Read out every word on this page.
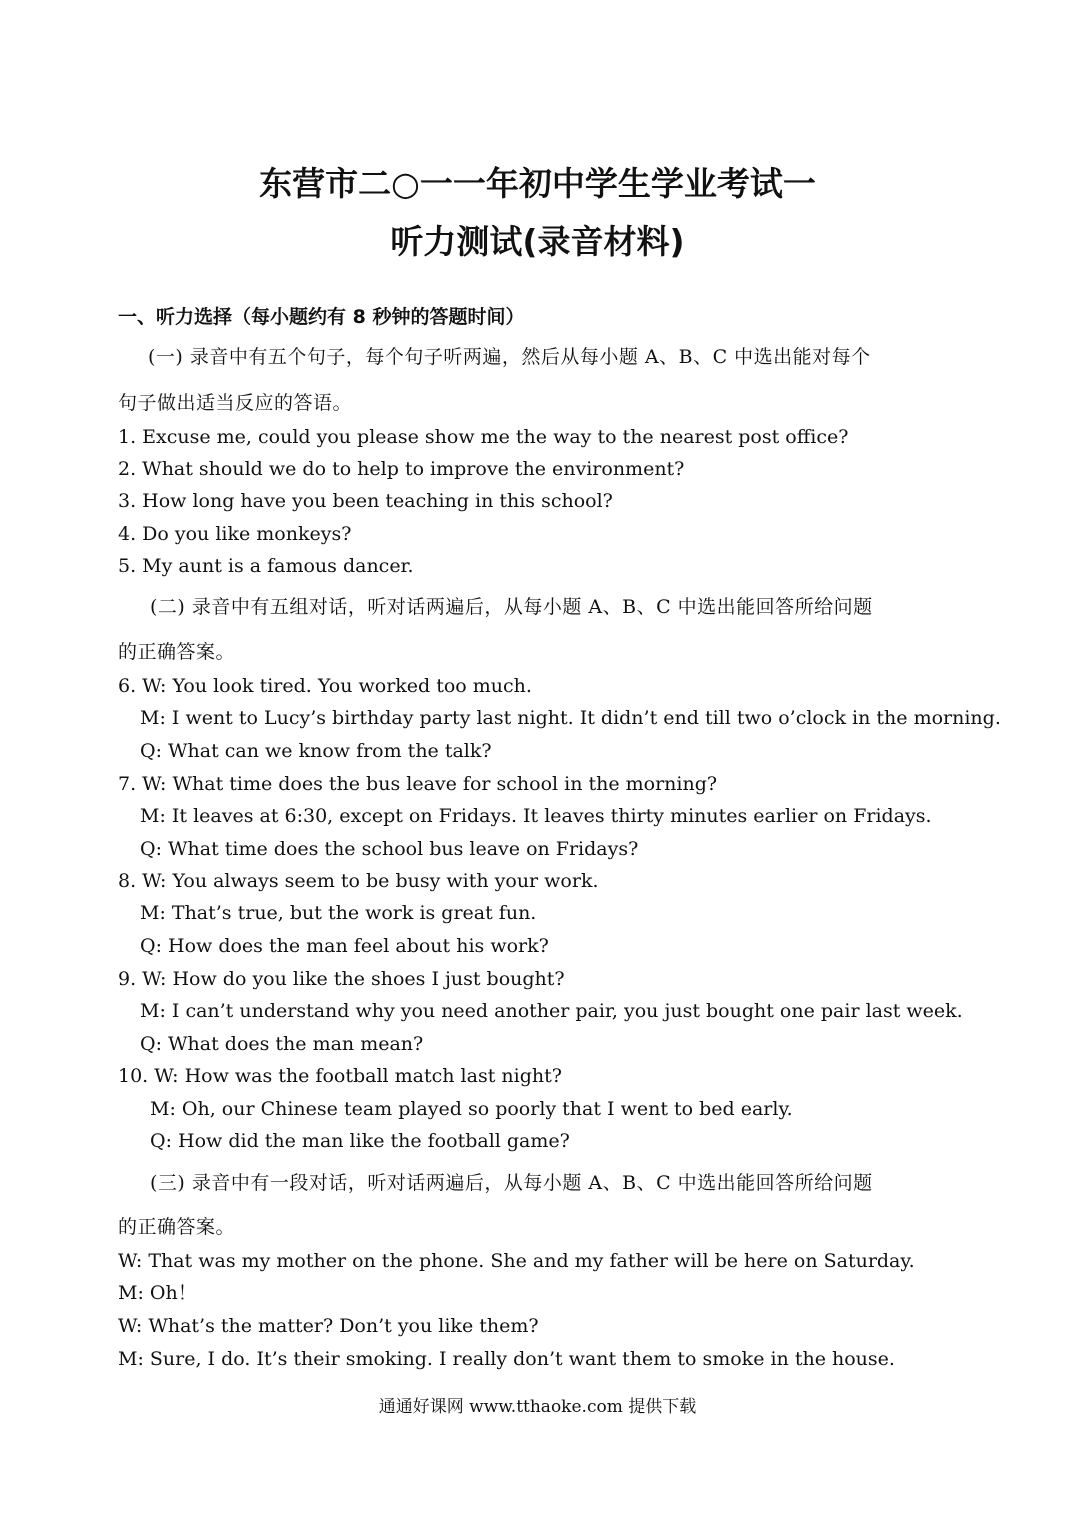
东营市二○一一年初中学生学业考试一
听力测试(录音材料)
一、听力选择（每小题约有 8 秒钟的答题时间）
(一) 录音中有五个句子，每个句子听两遍，然后从每小题 A、B、C 中选出能对每个
句子做出适当反应的答语。
1. Excuse me, could you please show me the way to the nearest post office?
2. What should we do to help to improve the environment?
3. How long have you been teaching in this school?
4. Do you like monkeys?
5. My aunt is a famous dancer.
(二) 录音中有五组对话，听对话两遍后，从每小题 A、B、C 中选出能回答所给问题
的正确答案。
6. W: You look tired. You worked too much.
M: I went to Lucy’s birthday party last night. It didn’t end till two o’clock in the morning.
Q: What can we know from the talk?
7. W: What time does the bus leave for school in the morning?
M: It leaves at 6:30, except on Fridays. It leaves thirty minutes earlier on Fridays.
Q: What time does the school bus leave on Fridays?
8. W: You always seem to be busy with your work.
M: That’s true, but the work is great fun.
Q: How does the man feel about his work?
9. W: How do you like the shoes I just bought?
M: I can’t understand why you need another pair, you just bought one pair last week.
Q: What does the man mean?
10. W: How was the football match last night?
M: Oh, our Chinese team played so poorly that I went to bed early.
Q: How did the man like the football game?
(三) 录音中有一段对话，听对话两遍后，从每小题 A、B、C 中选出能回答所给问题
的正确答案。
W: That was my mother on the phone. She and my father will be here on Saturday.
M: Oh！
W: What’s the matter? Don’t you like them?
M: Sure, I do. It’s their smoking. I really don’t want them to smoke in the house.
通通好课网 www.tthaoke.com 提供下载
